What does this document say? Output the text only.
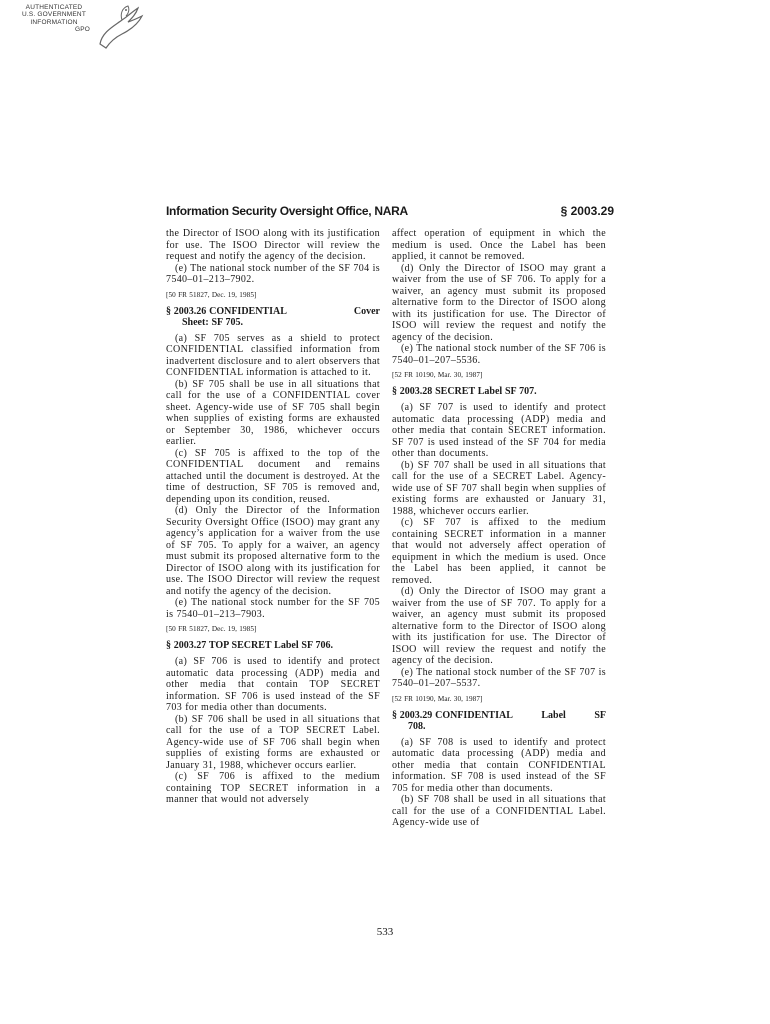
AUTHENTICATED
U.S. GOVERNMENT
INFORMATION
GPO
Information Security Oversight Office, NARA	§ 2003.29

the Director of ISOO along with its justification for use. The ISOO Director will review the request and notify the agency of the decision.

(e) The national stock number of the SF 704 is 7540–01–213–7902.

[50 FR 51827, Dec. 19, 1985]

§ 2003.26 CONFIDENTIAL	Cover
Sheet: SF 705.

(a) SF 705 serves as a shield to protect CONFIDENTIAL classified information from inadvertent disclosure and to alert observers that CONFIDENTIAL information is attached to it.

(b) SF 705 shall be use in all situations that call for the use of a CONFIDENTIAL cover sheet. Agency-wide use of SF 705 shall begin when supplies of existing forms are exhausted or September 30, 1986, whichever occurs earlier.

(c) SF 705 is affixed to the top of the CONFIDENTIAL document and remains attached until the document is destroyed. At the time of destruction, SF 705 is removed and, depending upon its condition, reused.

(d) Only the Director of the Information Security Oversight Office (ISOO) may grant any agency’s application for a waiver from the use of SF 705. To apply for a waiver, an agency must submit its proposed alternative form to the Director of ISOO along with its justification for use. The ISOO Director will review the request and notify the agency of the decision.

(e) The national stock number for the SF 705 is 7540–01–213–7903.

[50 FR 51827, Dec. 19, 1985]

§ 2003.27 TOP SECRET Label SF 706.

(a) SF 706 is used to identify and protect automatic data processing (ADP) media and other media that contain TOP SECRET information. SF 706 is used instead of the SF 703 for media other than documents.

(b) SF 706 shall be used in all situations that call for the use of a TOP SECRET Label. Agency-wide use of SF 706 shall begin when supplies of existing forms are exhausted or January 31, 1988, whichever occurs earlier.

(c) SF 706 is affixed to the medium containing TOP SECRET information in a manner that would not adversely

affect operation of equipment in which the medium is used. Once the Label has been applied, it cannot be removed.

(d) Only the Director of ISOO may grant a waiver from the use of SF 706. To apply for a waiver, an agency must submit its proposed alternative form to the Director of ISOO along with its justification for use. The Director of ISOO will review the request and notify the agency of the decision.

(e) The national stock number of the SF 706 is 7540–01–207–5536.

[52 FR 10190, Mar. 30, 1987]

§ 2003.28 SECRET Label SF 707.

(a) SF 707 is used to identify and protect automatic data processing (ADP) media and other media that contain SECRET information. SF 707 is used instead of the SF 704 for media other than documents.

(b) SF 707 shall be used in all situations that call for the use of a SECRET Label. Agency-wide use of SF 707 shall begin when supplies of existing forms are exhausted or January 31, 1988, whichever occurs earlier.

(c) SF 707 is affixed to the medium containing SECRET information in a manner that would not adversely affect operation of equipment in which the medium is used. Once the Label has been applied, it cannot be removed.

(d) Only the Director of ISOO may grant a waiver from the use of SF 707. To apply for a waiver, an agency must submit its proposed alternative form to the Director of ISOO along with its justification for use. The Director of ISOO will review the request and notify the agency of the decision.

(e) The national stock number of the SF 707 is 7540–01–207–5537.

[52 FR 10190, Mar. 30, 1987]

§ 2003.29 CONFIDENTIAL	Label	SF
708.

(a) SF 708 is used to identify and protect automatic data processing (ADP) media and other media that contain CONFIDENTIAL information. SF 708 is used instead of the SF 705 for media other than documents.

(b) SF 708 shall be used in all situations that call for the use of a CONFIDENTIAL Label. Agency-wide use of

533
